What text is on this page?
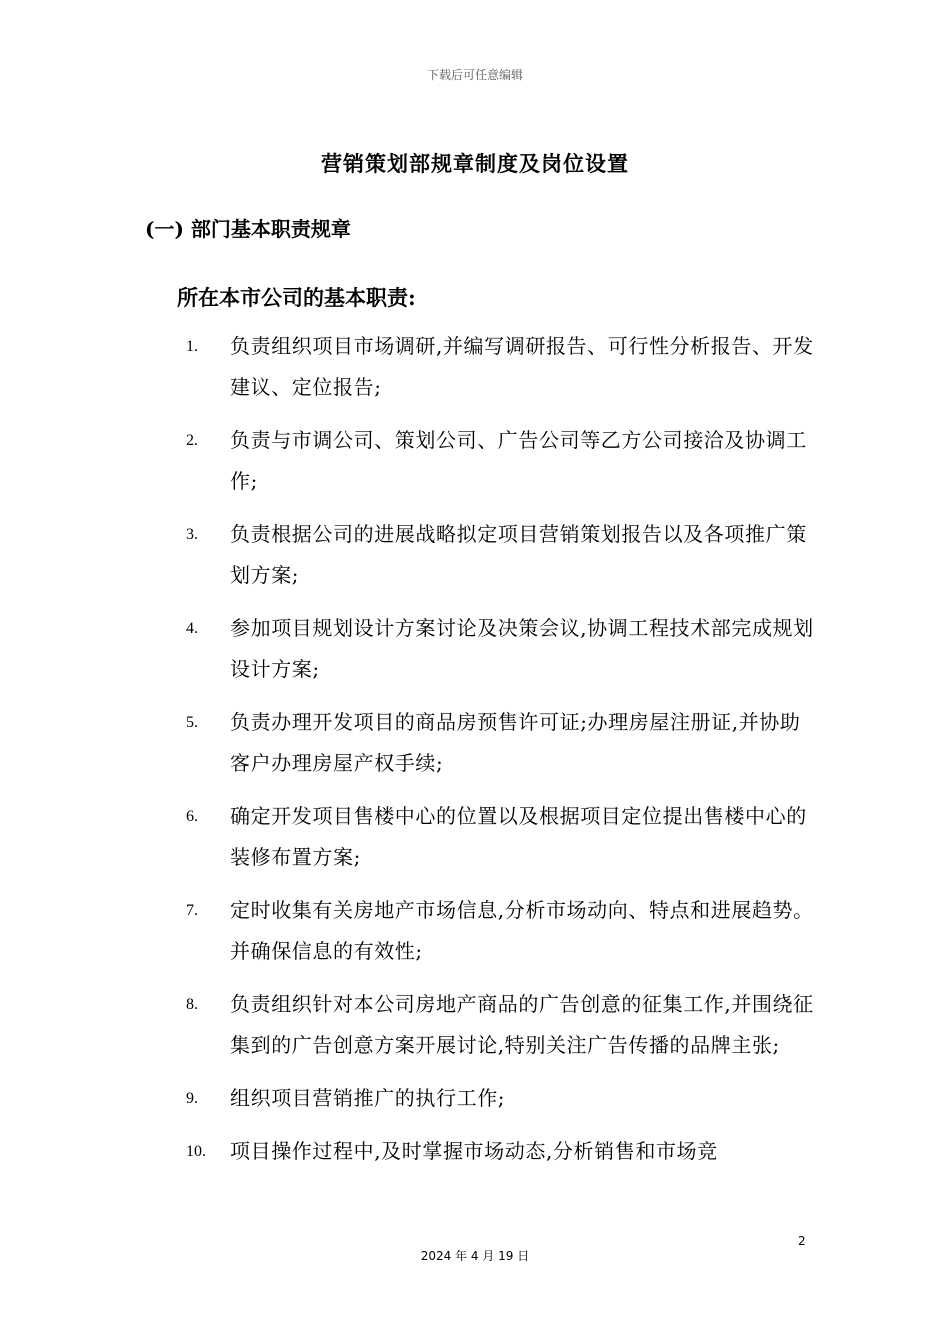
下载后可任意编辑
营销策划部规章制度及岗位设置
(一) 部门基本职责规章
所在本市公司的基本职责:
1. 负责组织项目市场调研,并编写调研报告、可行性分析报告、开发建议、定位报告;
2. 负责与市调公司、策划公司、广告公司等乙方公司接洽及协调工作;
3. 负责根据公司的进展战略拟定项目营销策划报告以及各项推广策划方案;
4. 参加项目规划设计方案讨论及决策会议,协调工程技术部完成规划设计方案;
5. 负责办理开发项目的商品房预售许可证;办理房屋注册证,并协助客户办理房屋产权手续;
6. 确定开发项目售楼中心的位置以及根据项目定位提出售楼中心的装修布置方案;
7. 定时收集有关房地产市场信息,分析市场动向、特点和进展趋势。并确保信息的有效性;
8. 负责组织针对本公司房地产商品的广告创意的征集工作,并围绕征集到的广告创意方案开展讨论,特别关注广告传播的品牌主张;
9. 组织项目营销推广的执行工作;
10. 项目操作过程中,及时掌握市场动态,分析销售和市场竞
2
2024 年 4 月 19 日
